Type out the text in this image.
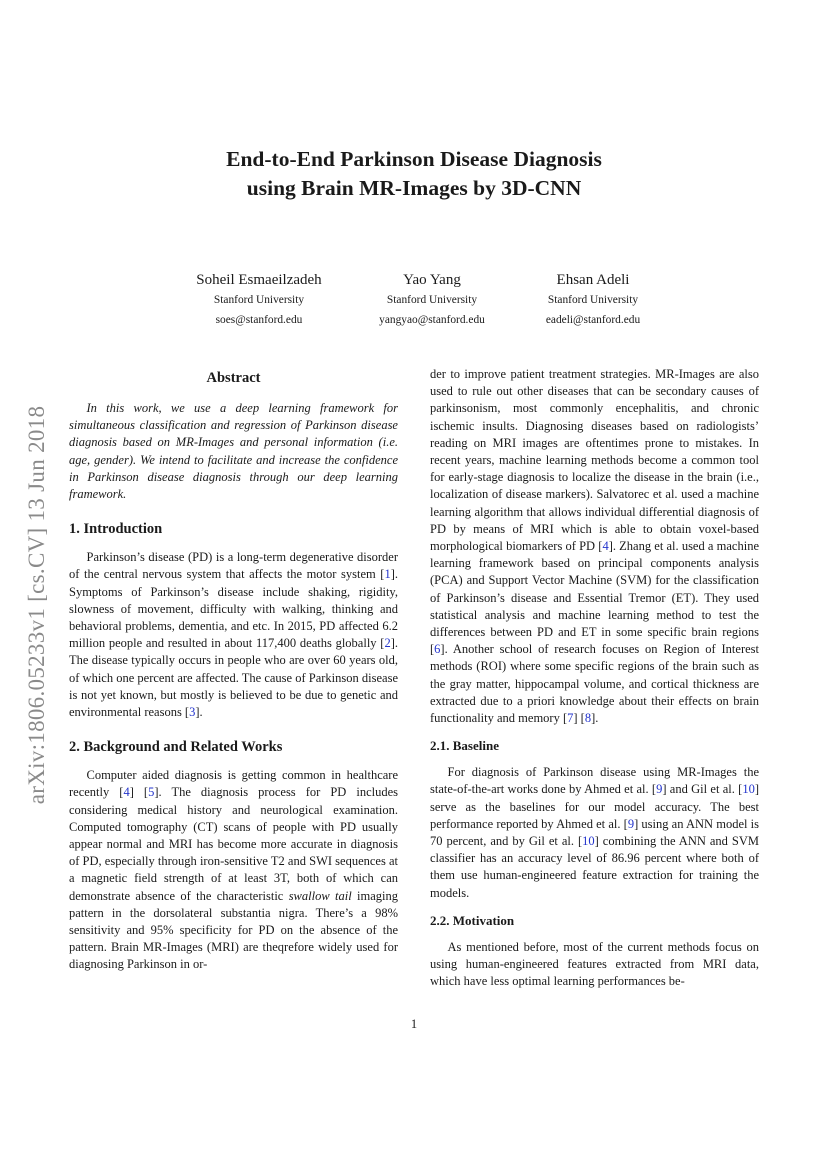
End-to-End Parkinson Disease Diagnosis
using Brain MR-Images by 3D-CNN
Soheil Esmaeilzadeh
Stanford University
soes@stanford.edu
Yao Yang
Stanford University
yangyao@stanford.edu
Ehsan Adeli
Stanford University
eadeli@stanford.edu
arXiv:1806.05233v1 [cs.CV] 13 Jun 2018
Abstract

In this work, we use a deep learning framework for simultaneous classification and regression of Parkinson disease diagnosis based on MR-Images and personal information (i.e. age, gender). We intend to facilitate and increase the confidence in Parkinson disease diagnosis through our deep learning framework.

1. Introduction

Parkinson’s disease (PD) is a long-term degenerative disorder of the central nervous system that affects the motor system [1]. Symptoms of Parkinson’s disease include shaking, rigidity, slowness of movement, difficulty with walking, thinking and behavioral problems, dementia, and etc. In 2015, PD affected 6.2 million people and resulted in about 117,400 deaths globally [2]. The disease typically occurs in people who are over 60 years old, of which one percent are affected. The cause of Parkinson disease is not yet known, but mostly is believed to be due to genetic and environmental reasons [3].

2. Background and Related Works

Computer aided diagnosis is getting common in healthcare recently [4] [5]. The diagnosis process for PD includes considering medical history and neurological examination. Computed tomography (CT) scans of people with PD usually appear normal and MRI has become more accurate in diagnosis of PD, especially through iron-sensitive T2 and SWI sequences at a magnetic field strength of at least 3T, both of which can demonstrate absence of the characteristic swallow tail imaging pattern in the dorsolateral substantia nigra. There’s a 98% sensitivity and 95% specificity for PD on the absence of the pattern. Brain MR-Images (MRI) are theqrefore widely used for diagnosing Parkinson in or-

der to improve patient treatment strategies. MR-Images are also used to rule out other diseases that can be secondary causes of parkinsonism, most commonly encephalitis, and chronic ischemic insults. Diagnosing diseases based on radiologists’ reading on MRI images are oftentimes prone to mistakes. In recent years, machine learning methods become a common tool for early-stage diagnosis to localize the disease in the brain (i.e., localization of disease markers). Salvatorec et al. used a machine learning algorithm that allows individual differential diagnosis of PD by means of MRI which is able to obtain voxel-based morphological biomarkers of PD [4]. Zhang et al. used a machine learning framework based on principal components analysis (PCA) and Support Vector Machine (SVM) for the classification of Parkinson’s disease and Essential Tremor (ET). They used statistical analysis and machine learning method to test the differences between PD and ET in some specific brain regions [6]. Another school of research focuses on Region of Interest methods (ROI) where some specific regions of the brain such as the gray matter, hippocampal volume, and cortical thickness are extracted due to a priori knowledge about their effects on brain functionality and memory [7] [8].

2.1. Baseline

For diagnosis of Parkinson disease using MR-Images the state-of-the-art works done by Ahmed et al. [9] and Gil et al. [10] serve as the baselines for our model accuracy. The best performance reported by Ahmed et al. [9] using an ANN model is 70 percent, and by Gil et al. [10] combining the ANN and SVM classifier has an accuracy level of 86.96 percent where both of them use human-engineered feature extraction for training the models.

2.2. Motivation

As mentioned before, most of the current methods focus on using human-engineered features extracted from MRI data, which have less optimal learning performances be-

1
